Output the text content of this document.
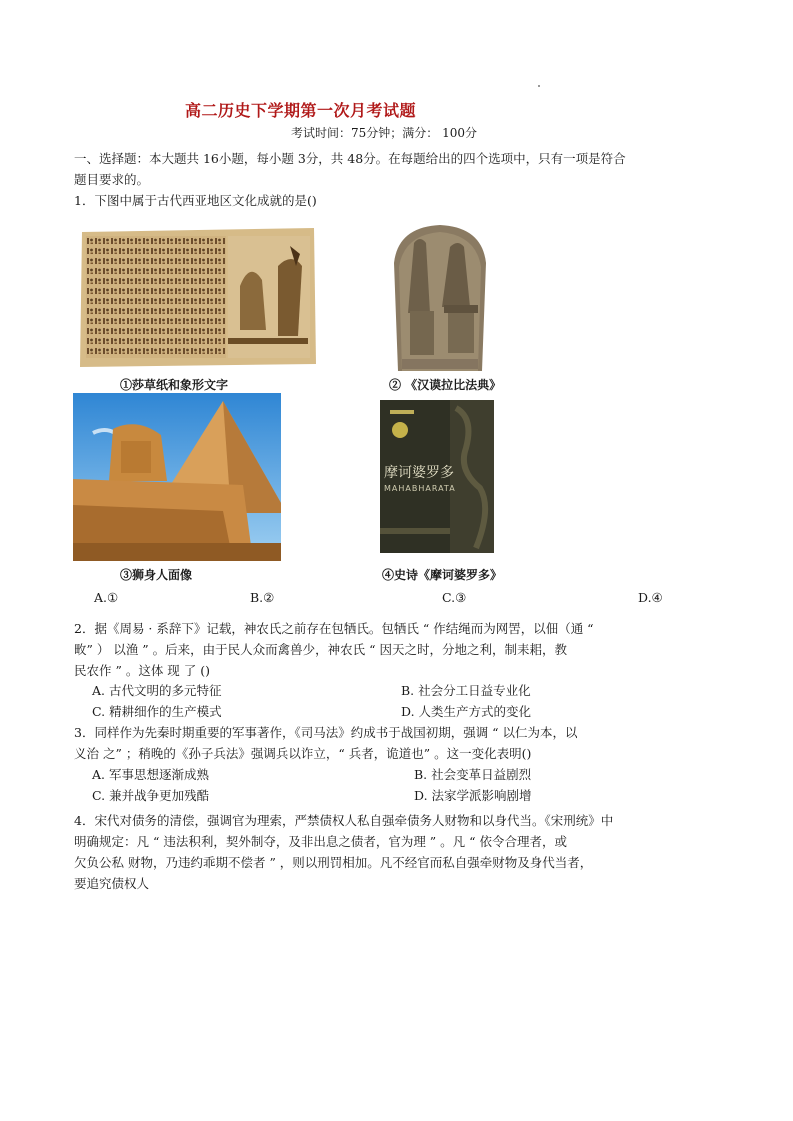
高二历史下学期第一次月考试题
考试时间：75分钟；满分： 100分
一、选择题：本大题共 16小题，每小题 3分，共 48分。在每题给出的四个选项中，只有一项是符合
题目要求的。
1．下图中属于古代西亚地区文化成就的是()
①莎草纸和象形文字	② 《汉谟拉比法典》
摩诃婆罗多
MAHABHARATA
③狮身人面像	④史诗《摩诃婆罗多》
A.①	B.②	C.③	D.④
2．据《周易 · 系辞下》记载，神农氏之前存在包牺氏。包牺氏 “ 作结绳而为网罟，以佃（通 “
畋” ） 以渔 ” 。后来，由于民人众而禽兽少，神农氏 “ 因天之时，分地之利，制耒耜，教
民农作 ” 。这体 现 了 ()
A. 古代文明的多元特征	B. 社会分工日益专业化
C. 精耕细作的生产模式	D. 人类生产方式的变化
3．同样作为先秦时期重要的军事著作，《司马法》约成书于战国初期，强调 “ 以仁为本，以
义治 之” ；稍晚的《孙子兵法》强调兵以诈立，“ 兵者，诡道也” 。这一变化表明()
A. 军事思想逐渐成熟	B. 社会变革日益剧烈
C. 兼并战争更加残酷	D. 法家学派影响剧增
4．宋代对债务的清偿，强调官为理索，严禁债权人私自强牵债务人财物和以身代当。《宋刑统》中
明确规定：凡 “ 违法积利，契外制夺，及非出息之债者，官为理 ” 。凡 “ 依令合理者，或
欠负公私 财物，乃违约乖期不偿者 ” ，则以刑罚相加。凡不经官而私自强牵财物及身代当者，
要追究债权人
